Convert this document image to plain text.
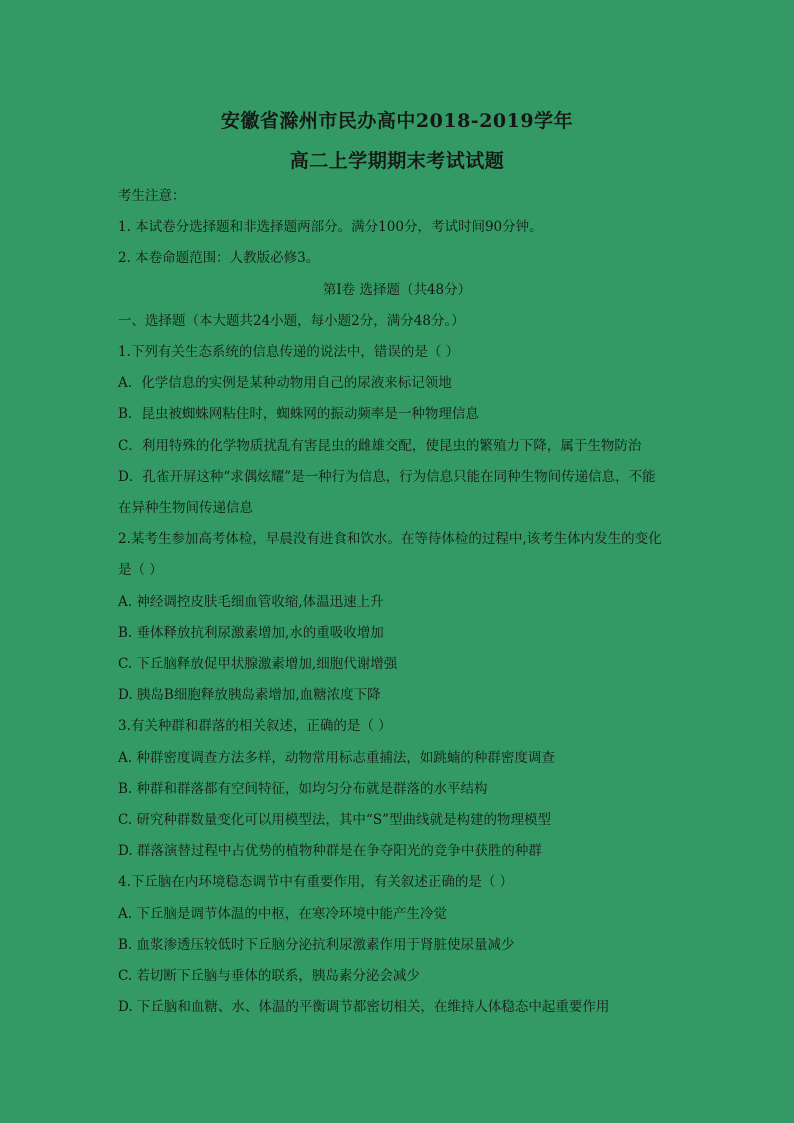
安徽省滁州市民办高中2018-2019学年
高二上学期期末考试试题
考生注意：
1. 本试卷分选择题和非选择题两部分。满分100分，考试时间90分钟。
2. 本卷命题范围：人教版必修3。
第I卷 选择题（共48分）
一、选择题（本大题共24小题，每小题2分，满分48分。）
1.下列有关生态系统的信息传递的说法中，错误的是（ ）
A．化学信息的实例是某种动物用自己的尿液来标记领地
B．昆虫被蜘蛛网粘住时，蜘蛛网的振动频率是一种物理信息
C．利用特殊的化学物质扰乱有害昆虫的雌雄交配，使昆虫的繁殖力下降，属于生物防治
D．孔雀开屏这种“求偶炫耀”是一种行为信息，行为信息只能在同种生物间传递信息，不能
在异种生物间传递信息
2.某考生参加高考体检，早晨没有进食和饮水。在等待体检的过程中,该考生体内发生的变化
是（ ）
A. 神经调控皮肤毛细血管收缩,体温迅速上升
B. 垂体释放抗利尿激素增加,水的重吸收增加
C. 下丘脑释放促甲状腺激素增加,细胞代谢增强
D. 胰岛B细胞释放胰岛素增加,血糖浓度下降
3.有关种群和群落的相关叙述，正确的是（ ）
A. 种群密度调查方法多样，动物常用标志重捕法，如跳蝻的种群密度调查
B. 种群和群落都有空间特征，如均匀分布就是群落的水平结构
C. 研究种群数量变化可以用模型法，其中“S”型曲线就是构建的物理模型
D. 群落演替过程中占优势的植物种群是在争夺阳光的竞争中获胜的种群
4.下丘脑在内环境稳态调节中有重要作用，有关叙述正确的是（ ）
A. 下丘脑是调节体温的中枢，在寒冷环境中能产生冷觉
B. 血浆渗透压较低时下丘脑分泌抗利尿激素作用于肾脏使尿量减少
C. 若切断下丘脑与垂体的联系，胰岛素分泌会减少
D. 下丘脑和血糖、水、体温的平衡调节都密切相关，在维持人体稳态中起重要作用
